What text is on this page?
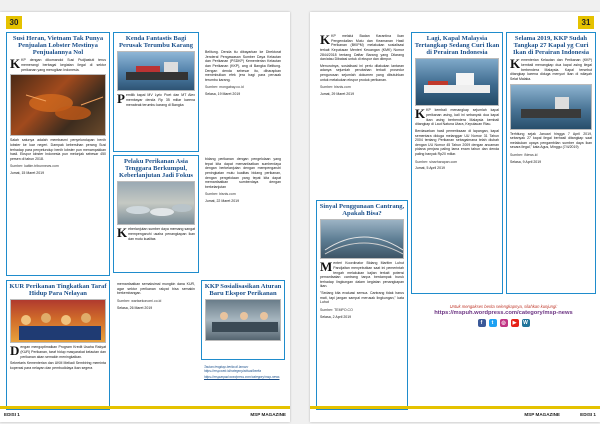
30
Susi Heran, Vietnam Tak Punya Penjualan Lobster Mestinya Penjualannya Nol
KKP dengan dikomandoi Susi Pudjiastuti terus memerangi berbagai kegiatan ilegal di sektor perikanan yang merugikan Indonesia.
Salah satunya adalah membasmi penyelundupan benih lobster ke luar negeri. Dampak kebersihan perang Susi terhadap para penyelundup benih lobster pun menampakkan hasil. Ekspor lobster Indonesia pun melonjak sebesar 450 persen di tahun 2018.
Sumber: kaltim.tribunnews.com
Jumat, 15 Maret 2019
Kenda Fantastis Bagi Perusak Terumbu Karang
Pemilik kapal MV Lyric Poet dan MT Alex membayar denda Rp 35 miliar karena menabrak terumbu karang di Bangka
Belitung. Denda itu dibayarkan ke Direktorat Jenderal Pengawasan Sumber Daya Kelautan dan Perikanan (PSDKP) Kementerian Kelautan dan Perikanan (KKP), ang di Bangka Belitung. Dengan denda sebesar itu, diharapkan menimbulkan efek jera bagi para perusak terumbu karang.
Sumber: mongabay.co.id
Selasa, 19 Maret 2019
Pelaku Perikanan Asia Tenggara Berkumpul, Keberlanjutan Jadi Fokus
Keberlanjutan sumber daya memang sangat mempengaruhi usaha penangkapan ikan dan mutu kualitas
bidang perikanan dengan pengelolaan yang tepat kita dapat memanfaatkan sumberdaya dengan berkelanjutan dengan mempengaruhi peningkatan mutu kualitas bidang perikanan, dengan pengelolaan yang tepat kita dapat memanfaatkan sumberdaya dengan berkelanjutan
Sumber: bisnis.com
Jumat, 22 Maret 2019
KUR Perikanan Tingkatkan Taraf Hidup Para Nelayan
Dengan mengoptimalkan Program Kredit Usaha Rakyat (KUR) Perikanan, taraf hidup masyarakat kelautan dan perikanan akan semakin meningkatkan.
Sekretaris Kementerian dan UKM Meliadi Sembiring meminta koperasi para nelayan dan pembudidaya ikan segera
memanfaatkan semaksimal mungkin dana KUR, agar sektor perikanan rakyat bisa semakin berkembangan.
Sumber: wartaekonomi.co.id
Selasa, 26 Maret 2019
KKP Sosialisasikan Aturan Baru Ekspor Perikanan
Tautan lengkap berita di laman: https://msp.web.id/category/aktual/berita
https://mspunpad.wordpress.com/category/msp-news
EDISI 1	MSP MAGAZINE
31
KKP melalui Badan Karantina Ikan Pengendalian Mutu dan Keamanan Hasil Perikanan (BKIPM) melakukan sosialisasi terkait Keputusan Menteri Keuangan (KMK) Nomor 2844/2018 tentang Daftar Barang yang Dilarang dan/atau Dibatasi untuk di ekspor dan diimpor.
Menurutnya, sosialisasi ini perlu dilakukan lantaran adanya sejumlah perubahan terkait prosedur pengurusan sejumlah dokumen yang dibutuhkan untuk melakukan ekspor produk perikanan.
Sumber: bisnis.com
Jumat, 29 Maret 2019
Lagi, Kapal Malaysia Tertangkap Sedang Curi Ikan di Perairan Indonesia
KKP kembali menangkap sejumlah kapal perikanan asing, kali ini sebanyak dua kapal ikan asing berbendera Malaysia kembali ditangkap di Laut Natuna Utara, Kepulauan Riau.
Berdasarkan hasil pemeriksaan di lapangan, kapal sementara diduga melanggar UU Nomor 31 Tahun 2004 tentang Perikanan sebagaimana telah diubah dengan UU Nomor 45 Tahun 2009 dengan ancaman pidana penjara paling lama enam tahun dan denda paling banyak Rp20 miliar.
Sumber: sinarharapan.com
Jumat, 5 April 2019
Sinyal Penggunaan Cantrang, Apakah Bisa?
Menteri Koordinator Bidang Maritim Luhut Pandjaitan menyebutkan saat ini pemerintah tengah melakukan kajian terkait potensi pemanfaatan cantrang tanpa berdampak buruk terhadap lingkungan dalam kegiatan penangkapan ikan.
"Sedang kita evaluasi semua. Cantrang tidak harus mati, tapi jangan sampai merusak lingkungan," kata Luhut
Sumber: TEMPO.CO
Selasa, 2 April 2019
Selama 2019, KKP Sudah Tangkap 27 Kapal yg Curi Ikan di Perairan Indonesia
Kementerian Kelautan dan Perikanan (KKP) kembali menangkap dua kapal asing ilegal berbendera Malaysia. Kapal tersebut ditangkap karena diduga menyuri ikan di wilayah Selat Malaka.
Terhitung sejak Januari hingga 7 April 2019, sebanyak 27 kapal ilegal berhasil ditangkap saat melakukan upaya pengambilan sumber daya ikan secara ilegal," kata Agus, Minggu (7/4/2019)
Sumber: iNews.id
Selasa, 9 April 2019
Untuk mengakses berita selengkapnya, silahkan kunjungi:
https://mspuh.wordpress.com/category/msp-news
f	t	◎	▶	W
MSP MAGAZINE	EDISI 1
